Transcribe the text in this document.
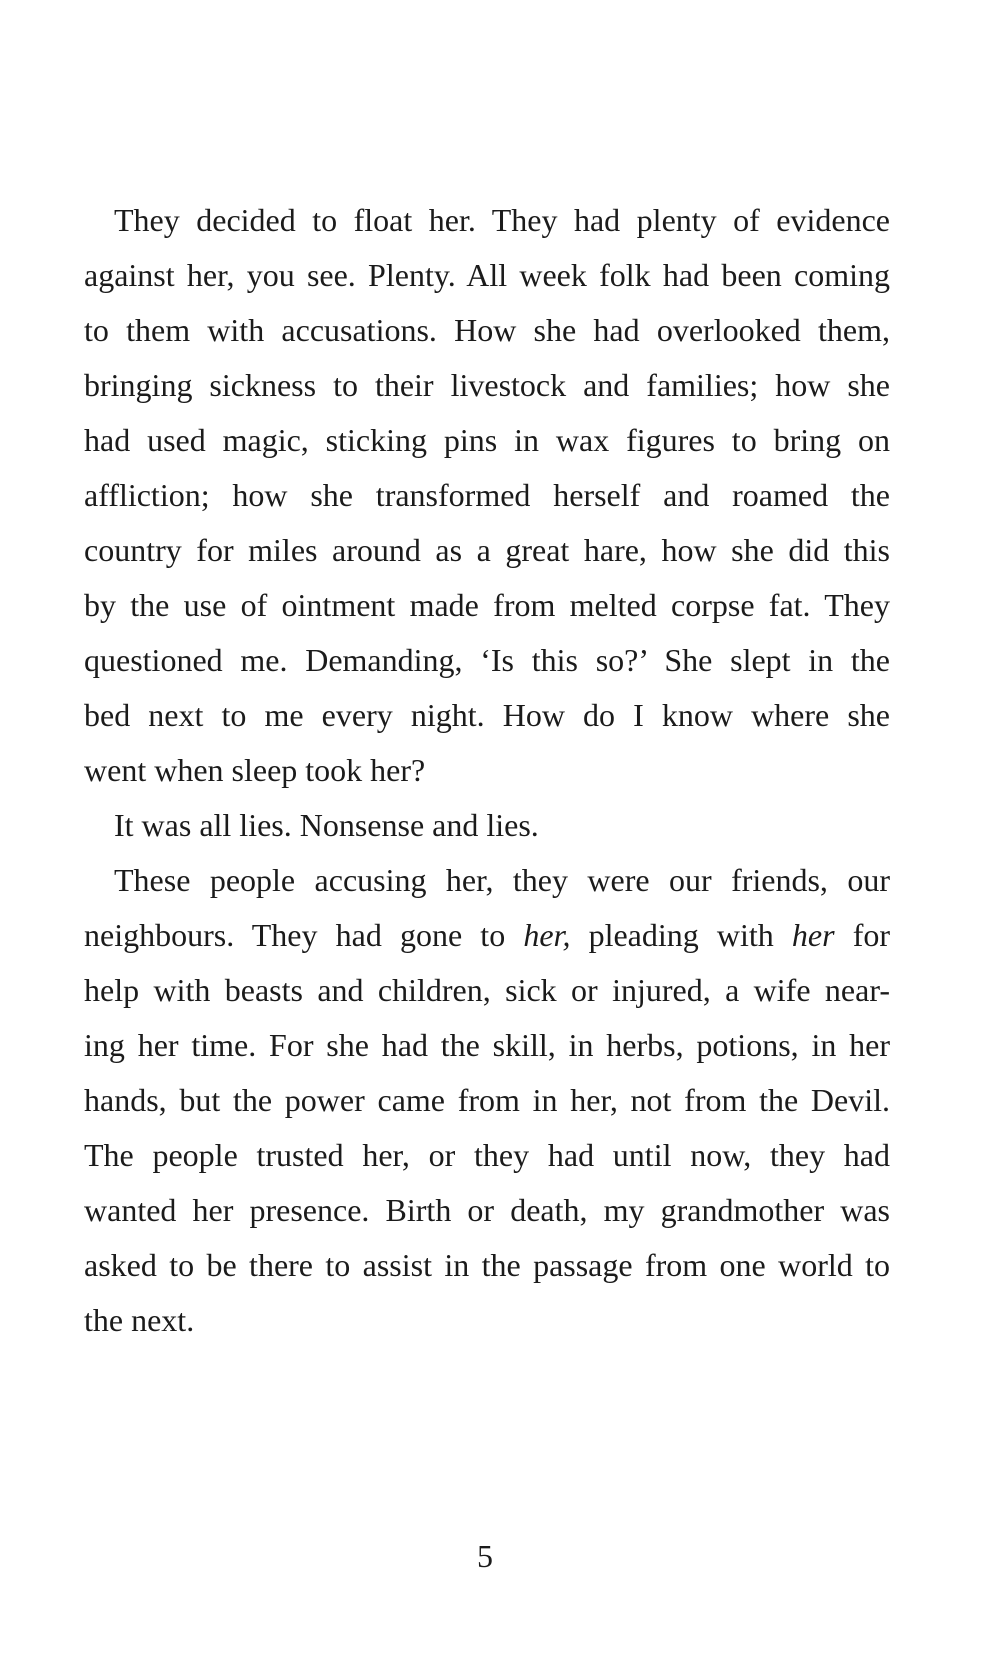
They decided to float her. They had plenty of evidence
against her, you see. Plenty. All week folk had been coming
to them with accusations. How she had overlooked them,
bringing sickness to their livestock and families; how she
had used magic, sticking pins in wax figures to bring on
affliction; how she transformed herself and roamed the
country for miles around as a great hare, how she did this
by the use of ointment made from melted corpse fat. They
questioned me. Demanding, ‘Is this so?’ She slept in the
bed next to me every night. How do I know where she
went when sleep took her?
It was all lies. Nonsense and lies.
These people accusing her, they were our friends, our
neighbours. They had gone to her, pleading with her for
help with beasts and children, sick or injured, a wife near-
ing her time. For she had the skill, in herbs, potions, in her
hands, but the power came from in her, not from the Devil.
The people trusted her, or they had until now, they had
wanted her presence. Birth or death, my grandmother was
asked to be there to assist in the passage from one world to
the next.
5
